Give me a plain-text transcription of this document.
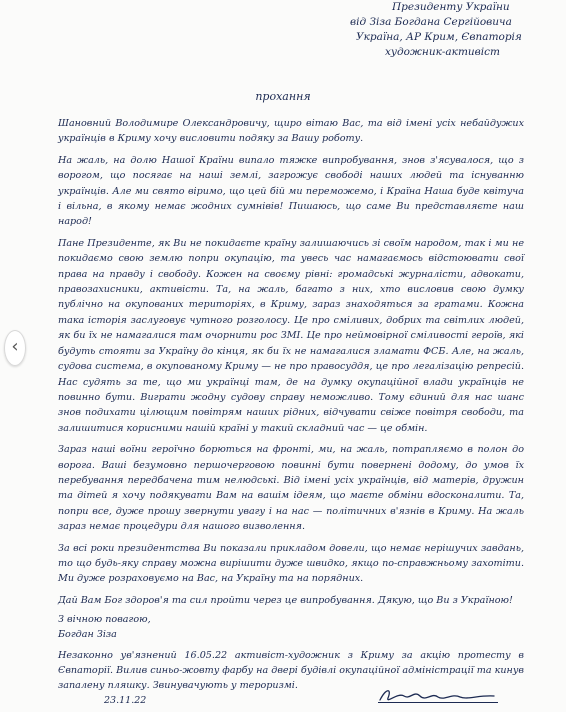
Президенту України
від Зіза Богдана Сергійовича
Україна, АР Крим, Євпаторія
художник-активіст
прохання

Шановний Володимире Олександровичу, щиро вітаю Вас, та від імені усіх небайдужих українців в Криму хочу висловити подяку за Вашу роботу.

На жаль, на долю Нашої Країни випало тяжке випробування, знов з'ясувалося, що з ворогом, що посягає на наші землі, загрожує свободі наших людей та існуванню українців. Але ми свято віримо, що цей бій ми переможемо, і Країна Наша буде квітуча і вільна, в якому немає жодних сумнівів! Пишаюсь, що саме Ви представляєте наш народ!

Пане Президенте, як Ви не покидаєте країну залишаючись зі своїм народом, так і ми не покидаємо свою землю попри окупацію, та увесь час намагаємось відстоювати свої права на правду і свободу. Кожен на своєму рівні: громадські журналісти, адвокати, правозахисники, активісти. Та, на жаль, багато з них, хто висловив свою думку публічно на окупованих територіях, в Криму, зараз знаходяться за гратами. Кожна така історія заслуговує чутного розголосу. Це про сміливих, добрих та світлих людей, як би їх не намагалися там очорнити рос ЗМІ. Це про неймовірної сміливості героїв, які будуть стояти за Україну до кінця, як би їх не намагалися зламати ФСБ. Але, на жаль, судова система, в окупованому Криму — не про правосуддя, це про легалізацію репресій. Нас судять за те, що ми українці там, де на думку окупаційної влади українців не повинно бути. Виграти жодну судову справу неможливо. Тому єдиний для нас шанс знов подихати цілющим повітрям наших рідних, відчувати свіже повітря свободи, та залишитися корисними нашій країні у такий складний час — це обмін.

Зараз наші воїни героїчно борються на фронті, ми, на жаль, потрапляємо в полон до ворога. Ваші безумовно першочерговою повинні бути повернені додому, до умов їх перебування передбачена тим нелюдські. Від імені усіх українців, від матерів, дружин та дітей я хочу подякувати Вам на вашім ідеям, що маєте обміни вдосконалити. Та, попри все, дуже прошу звернути увагу і на нас — політичних в'язнів в Криму. На жаль зараз немає процедури для нашого визволення.

За всі роки президентства Ви показали прикладом довели, що немає нерішучих завдань, то що будь-яку справу можна вирішити дуже швидко, якщо по-справжньому захотіти. Ми дуже розраховуємо на Вас, на Україну та на порядних.

Дай Вам Бог здоров'я та сил пройти через це випробування. Дякую, що Ви з Україною!

З вічною повагою,

Богдан Зіза

Незаконно ув'язнений 16.05.22 активіст-художник з Криму за акцію протесту в Євпаторії. Вилив синьо-жовту фарбу на двері будівлі окупаційної адміністрації та кинув запалену пляшку. Звинувачують у тероризмі.

23.11.22
‹
